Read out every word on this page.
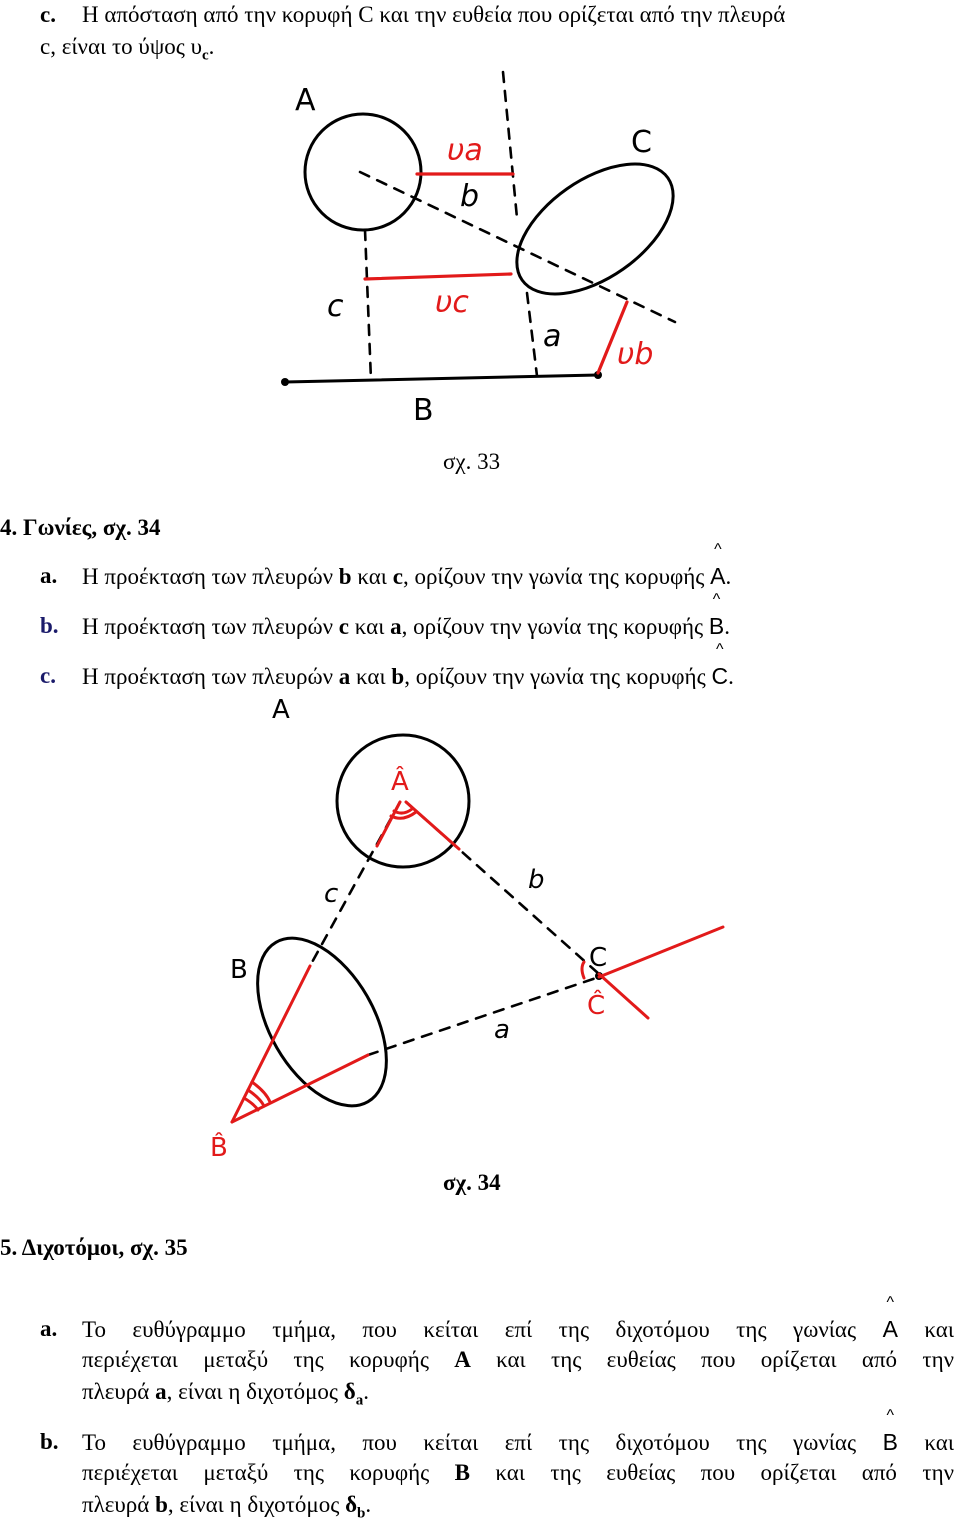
c. Η απόσταση από την κορυφή C και την ευθεία που ορίζεται από την πλευρά
c, είναι το ύψος $\upsilon_c$.
A
C
B
c
b
a
υa
υc
υb
σχ. 33
4. Γωνίες, σχ. 34
a. Η προέκταση των πλευρών b και c, ορίζουν την γωνία της κορυφής ^ A.
b. Η προέκταση των πλευρών c και a, ορίζουν την γωνία της κορυφής ^ B.
c. Η προέκταση των πλευρών a και b, ορίζουν την γωνία της κορυφής ^ C.
A
B	C
c	b
a
Â
B̂
Ĉ
σχ. 34
5. Διχοτόμοι, σχ. 35
a. Το ευθύγραμμο τμήμα, που κείται επί της διχοτόμου της γωνίας ^ A και
περιέχεται μεταξύ της κορυφής A και της ευθείας που ορίζεται από την
πλευρά a, είναι η διχοτόμος $\delta_a$.
b. Το ευθύγραμμο τμήμα, που κείται επί της διχοτόμου της γωνίας ^ B και
περιέχεται μεταξύ της κορυφής B και της ευθείας που ορίζεται από την
πλευρά b, είναι η διχοτόμος $\delta_b$.
